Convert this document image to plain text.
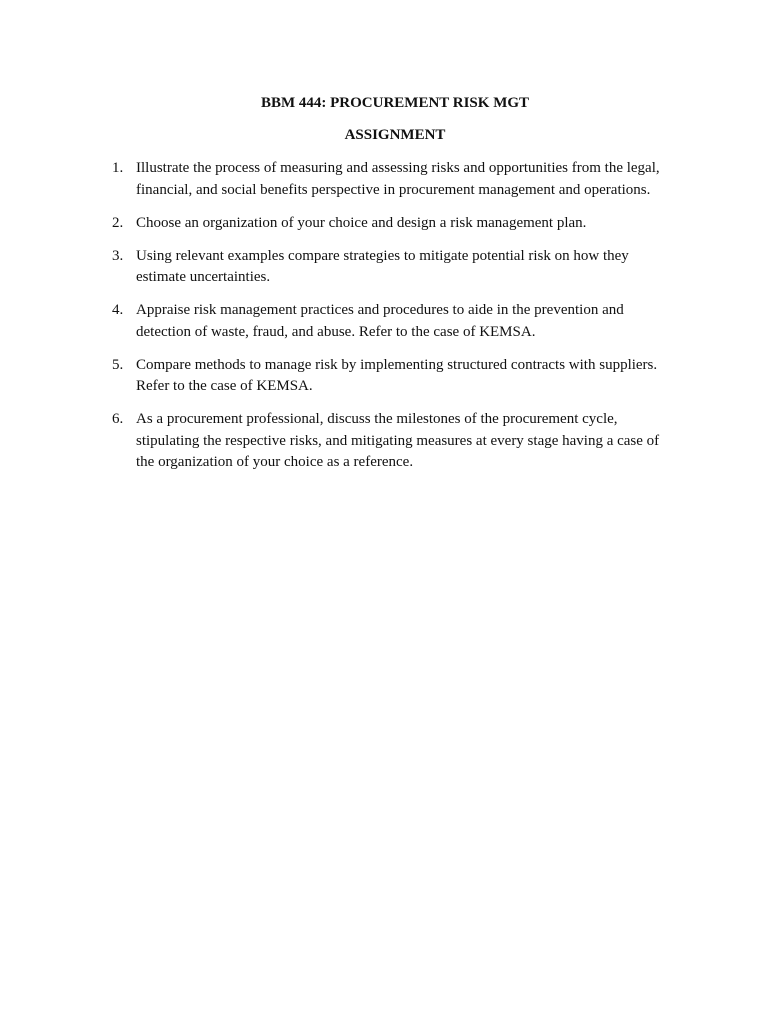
BBM 444: PROCUREMENT RISK MGT
ASSIGNMENT
1. Illustrate the process of measuring and assessing risks and opportunities from the legal, financial, and social benefits perspective in procurement management and operations.
2. Choose an organization of your choice and design a risk management plan.
3. Using relevant examples compare strategies to mitigate potential risk on how they estimate uncertainties.
4. Appraise risk management practices and procedures to aide in the prevention and detection of waste, fraud, and abuse. Refer to the case of KEMSA.
5. Compare methods to manage risk by implementing structured contracts with suppliers. Refer to the case of KEMSA.
6. As a procurement professional, discuss the milestones of the procurement cycle, stipulating the respective risks, and mitigating measures at every stage having a case of the organization of your choice as a reference.
